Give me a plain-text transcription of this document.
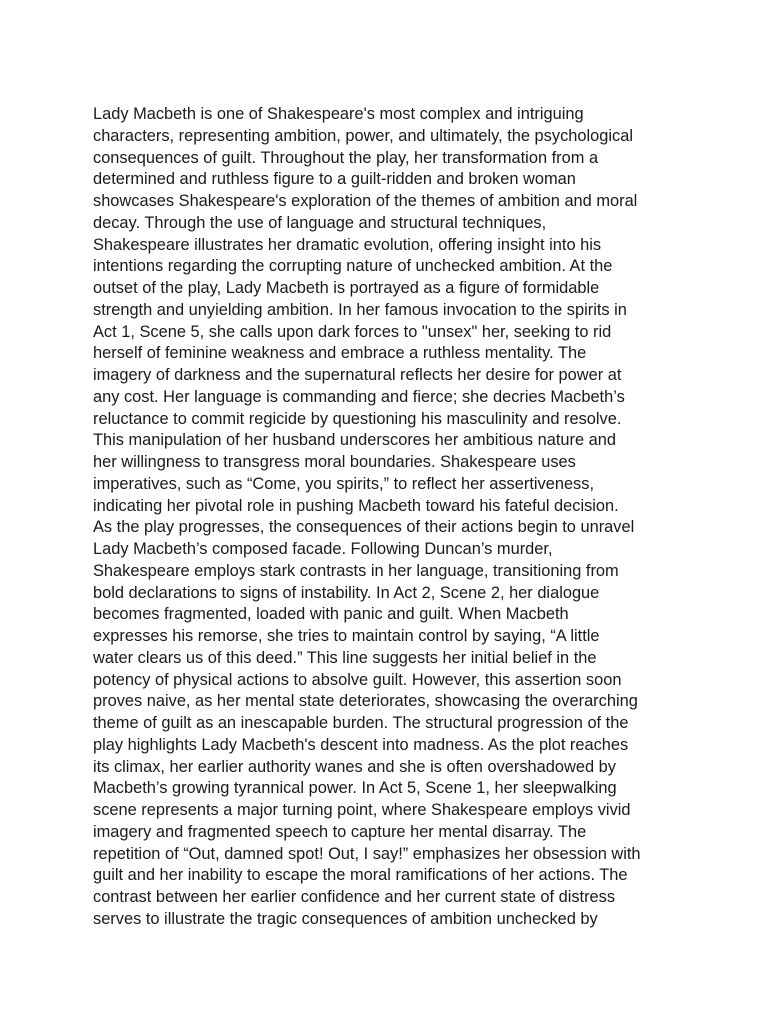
Lady Macbeth is one of Shakespeare's most complex and intriguing
characters, representing ambition, power, and ultimately, the psychological
consequences of guilt. Throughout the play, her transformation from a
determined and ruthless figure to a guilt-ridden and broken woman
showcases Shakespeare's exploration of the themes of ambition and moral
decay. Through the use of language and structural techniques,
Shakespeare illustrates her dramatic evolution, offering insight into his
intentions regarding the corrupting nature of unchecked ambition. At the
outset of the play, Lady Macbeth is portrayed as a figure of formidable
strength and unyielding ambition. In her famous invocation to the spirits in
Act 1, Scene 5, she calls upon dark forces to "unsex" her, seeking to rid
herself of feminine weakness and embrace a ruthless mentality. The
imagery of darkness and the supernatural reflects her desire for power at
any cost. Her language is commanding and fierce; she decries Macbeth’s
reluctance to commit regicide by questioning his masculinity and resolve.
This manipulation of her husband underscores her ambitious nature and
her willingness to transgress moral boundaries. Shakespeare uses
imperatives, such as “Come, you spirits,” to reflect her assertiveness,
indicating her pivotal role in pushing Macbeth toward his fateful decision.
As the play progresses, the consequences of their actions begin to unravel
Lady Macbeth’s composed facade. Following Duncan’s murder,
Shakespeare employs stark contrasts in her language, transitioning from
bold declarations to signs of instability. In Act 2, Scene 2, her dialogue
becomes fragmented, loaded with panic and guilt. When Macbeth
expresses his remorse, she tries to maintain control by saying, “A little
water clears us of this deed.” This line suggests her initial belief in the
potency of physical actions to absolve guilt. However, this assertion soon
proves naive, as her mental state deteriorates, showcasing the overarching
theme of guilt as an inescapable burden. The structural progression of the
play highlights Lady Macbeth's descent into madness. As the plot reaches
its climax, her earlier authority wanes and she is often overshadowed by
Macbeth’s growing tyrannical power. In Act 5, Scene 1, her sleepwalking
scene represents a major turning point, where Shakespeare employs vivid
imagery and fragmented speech to capture her mental disarray. The
repetition of “Out, damned spot! Out, I say!” emphasizes her obsession with
guilt and her inability to escape the moral ramifications of her actions. The
contrast between her earlier confidence and her current state of distress
serves to illustrate the tragic consequences of ambition unchecked by
